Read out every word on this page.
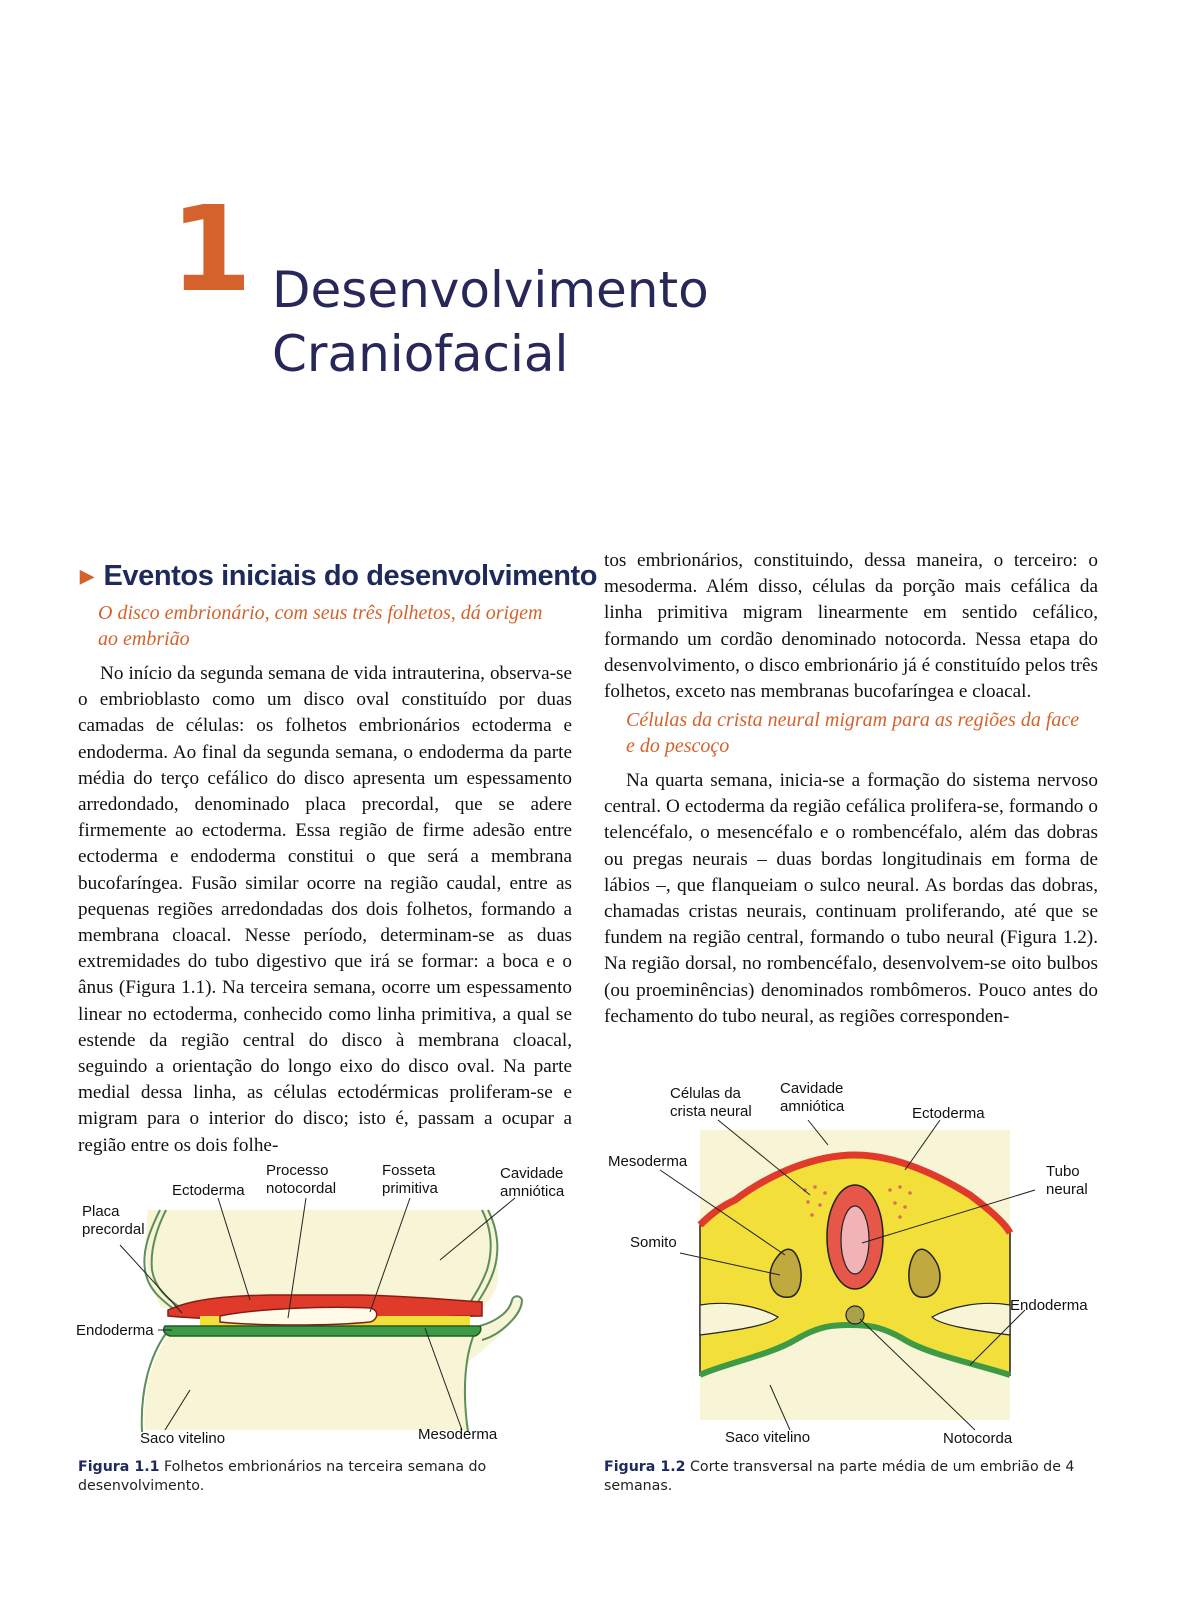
1 Desenvolvimento
Craniofacial
▶ Eventos iniciais do desenvolvimento
O disco embrionário, com seus três folhetos, dá origem
ao embrião

No início da segunda semana de vida intrauterina, observa-se o embrioblasto como um disco oval constituído por duas camadas de células: os folhetos embrionários ectoderma e endoderma. Ao final da segunda semana, o endoderma da parte média do terço cefálico do disco apresenta um espessamento arredondado, denominado placa precordal, que se adere firmemente ao ectoderma. Essa região de firme adesão entre ectoderma e endoderma constitui o que será a membrana bucofaríngea. Fusão similar ocorre na região caudal, entre as pequenas regiões arredondadas dos dois folhetos, formando a membrana cloacal. Nesse período, determinam-se as duas extremidades do tubo digestivo que irá se formar: a boca e o ânus (Figura 1.1). Na terceira semana, ocorre um espessamento linear no ectoderma, conhecido como linha primitiva, a qual se estende da região central do disco à membrana cloacal, seguindo a orientação do longo eixo do disco oval. Na parte medial dessa linha, as células ectodérmicas proliferam-se e migram para o interior do disco; isto é, passam a ocupar a região entre os dois folhe-

tos embrionários, constituindo, dessa maneira, o terceiro: o mesoderma. Além disso, células da porção mais cefálica da linha primitiva migram linearmente em sentido cefálico, formando um cordão denominado notocorda. Nessa etapa do desenvolvimento, o disco embrionário já é constituído pelos três folhetos, exceto nas membranas bucofaríngea e cloacal.

Células da crista neural migram para as regiões da face
e do pescoço

Na quarta semana, inicia-se a formação do sistema nervoso central. O ectoderma da região cefálica prolifera-se, formando o telencéfalo, o mesencéfalo e o rombencéfalo, além das dobras ou pregas neurais – duas bordas longitudinais em forma de lábios –, que flanqueiam o sulco neural. As bordas das dobras, chamadas cristas neurais, continuam proliferando, até que se fundem na região central, formando o tubo neural (Figura 1.2). Na região dorsal, no rombencéfalo, desenvolvem-se oito bulbos (ou proeminências) denominados rombômeros. Pouco antes do fechamento do tubo neural, as regiões corresponden-

Ectoderma
Processo
notocordal
Fosseta
primitiva
Cavidade
amniótica
Placa
precordal
Endoderma
Saco vitelino	Mesoderma
Figura 1.1 Folhetos embrionários na terceira semana do desenvolvimento.
Células da
crista neural
Cavidade
amniótica	Ectoderma
Mesoderma
Tubo
neural
Somito
Endoderma
Saco vitelino	Notocorda
Figura 1.2 Corte transversal na parte média de um embrião de 4 semanas.
